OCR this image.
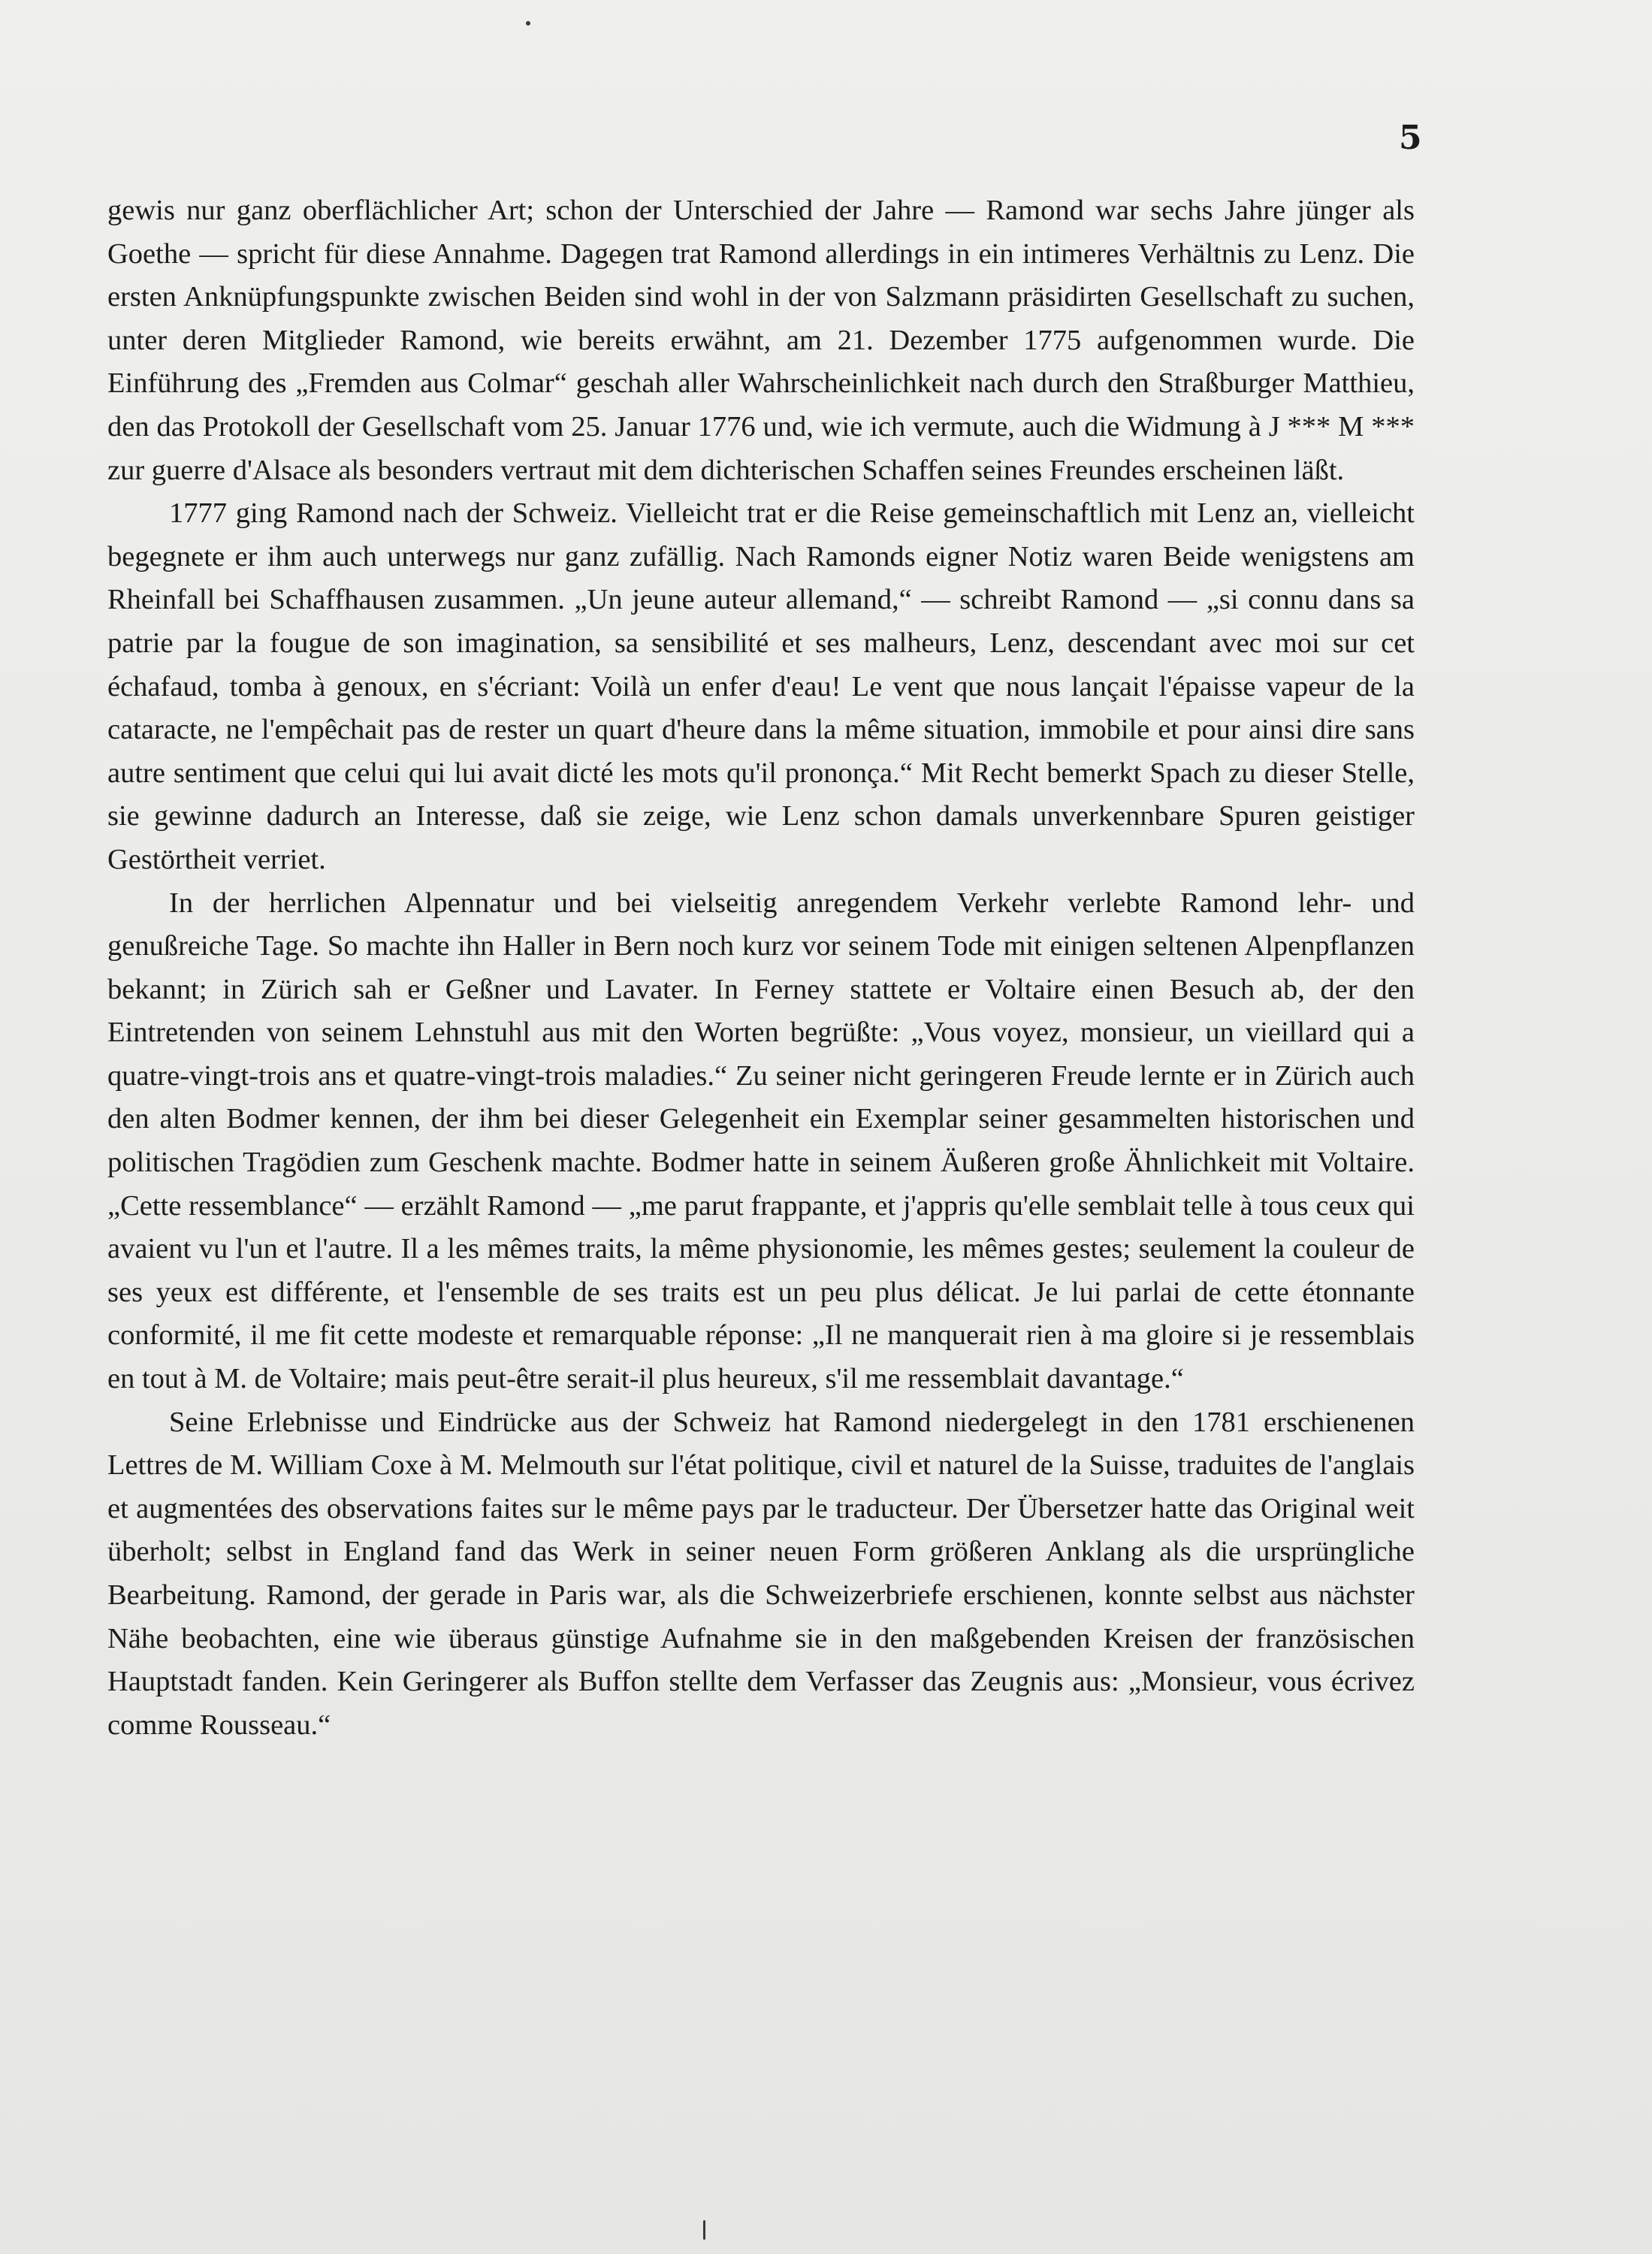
5

gewis nur ganz oberflächlicher Art; schon der Unterschied der Jahre — Ramond war sechs Jahre jünger als Goethe — spricht für diese Annahme. Dagegen trat Ramond allerdings in ein intimeres Verhältnis zu Lenz. Die ersten Anknüpfungspunkte zwischen Beiden sind wohl in der von Salzmann präsidirten Gesellschaft zu suchen, unter deren Mitglieder Ramond, wie bereits erwähnt, am 21. Dezember 1775 aufgenommen wurde. Die Einführung des „Fremden aus Colmar“ geschah aller Wahrscheinlichkeit nach durch den Straßburger Matthieu, den das Protokoll der Gesellschaft vom 25. Januar 1776 und, wie ich vermute, auch die Widmung à J *** M *** zur guerre d'Alsace als besonders vertraut mit dem dichterischen Schaffen seines Freundes erscheinen läßt.

1777 ging Ramond nach der Schweiz. Vielleicht trat er die Reise gemeinschaftlich mit Lenz an, vielleicht begegnete er ihm auch unterwegs nur ganz zufällig. Nach Ramonds eigner Notiz waren Beide wenigstens am Rheinfall bei Schaffhausen zusammen. „Un jeune auteur allemand,“ — schreibt Ramond — „si connu dans sa patrie par la fougue de son imagination, sa sensibilité et ses malheurs, Lenz, descendant avec moi sur cet échafaud, tomba à genoux, en s'écriant: Voilà un enfer d'eau! Le vent que nous lançait l'épaisse vapeur de la cataracte, ne l'empêchait pas de rester un quart d'heure dans la même situation, immobile et pour ainsi dire sans autre sentiment que celui qui lui avait dicté les mots qu'il prononça.“ Mit Recht bemerkt Spach zu dieser Stelle, sie gewinne dadurch an Interesse, daß sie zeige, wie Lenz schon damals unverkennbare Spuren geistiger Gestörtheit verriet.

In der herrlichen Alpennatur und bei vielseitig anregendem Verkehr verlebte Ramond lehr- und genußreiche Tage. So machte ihn Haller in Bern noch kurz vor seinem Tode mit einigen seltenen Alpenpflanzen bekannt; in Zürich sah er Geßner und Lavater. In Ferney stattete er Voltaire einen Besuch ab, der den Eintretenden von seinem Lehnstuhl aus mit den Worten begrüßte: „Vous voyez, monsieur, un vieillard qui a quatre-vingt-trois ans et quatre-vingt-trois maladies.“ Zu seiner nicht geringeren Freude lernte er in Zürich auch den alten Bodmer kennen, der ihm bei dieser Gelegenheit ein Exemplar seiner gesammelten historischen und politischen Tragödien zum Geschenk machte. Bodmer hatte in seinem Äußeren große Ähnlichkeit mit Voltaire. „Cette ressemblance“ — erzählt Ramond — „me parut frappante, et j'appris qu'elle semblait telle à tous ceux qui avaient vu l'un et l'autre. Il a les mêmes traits, la même physionomie, les mêmes gestes; seulement la couleur de ses yeux est différente, et l'ensemble de ses traits est un peu plus délicat. Je lui parlai de cette étonnante conformité, il me fit cette modeste et remarquable réponse: „Il ne manquerait rien à ma gloire si je ressemblais en tout à M. de Voltaire; mais peut-être serait-il plus heureux, s'il me ressemblait davantage.“

Seine Erlebnisse und Eindrücke aus der Schweiz hat Ramond niedergelegt in den 1781 erschienenen Lettres de M. William Coxe à M. Melmouth sur l'état politique, civil et naturel de la Suisse, traduites de l'anglais et augmentées des observations faites sur le même pays par le traducteur. Der Übersetzer hatte das Original weit überholt; selbst in England fand das Werk in seiner neuen Form größeren Anklang als die ursprüngliche Bearbeitung. Ramond, der gerade in Paris war, als die Schweizerbriefe erschienen, konnte selbst aus nächster Nähe beobachten, eine wie überaus günstige Aufnahme sie in den maßgebenden Kreisen der französischen Hauptstadt fanden. Kein Geringerer als Buffon stellte dem Verfasser das Zeugnis aus: „Monsieur, vous écrivez comme Rousseau.“
